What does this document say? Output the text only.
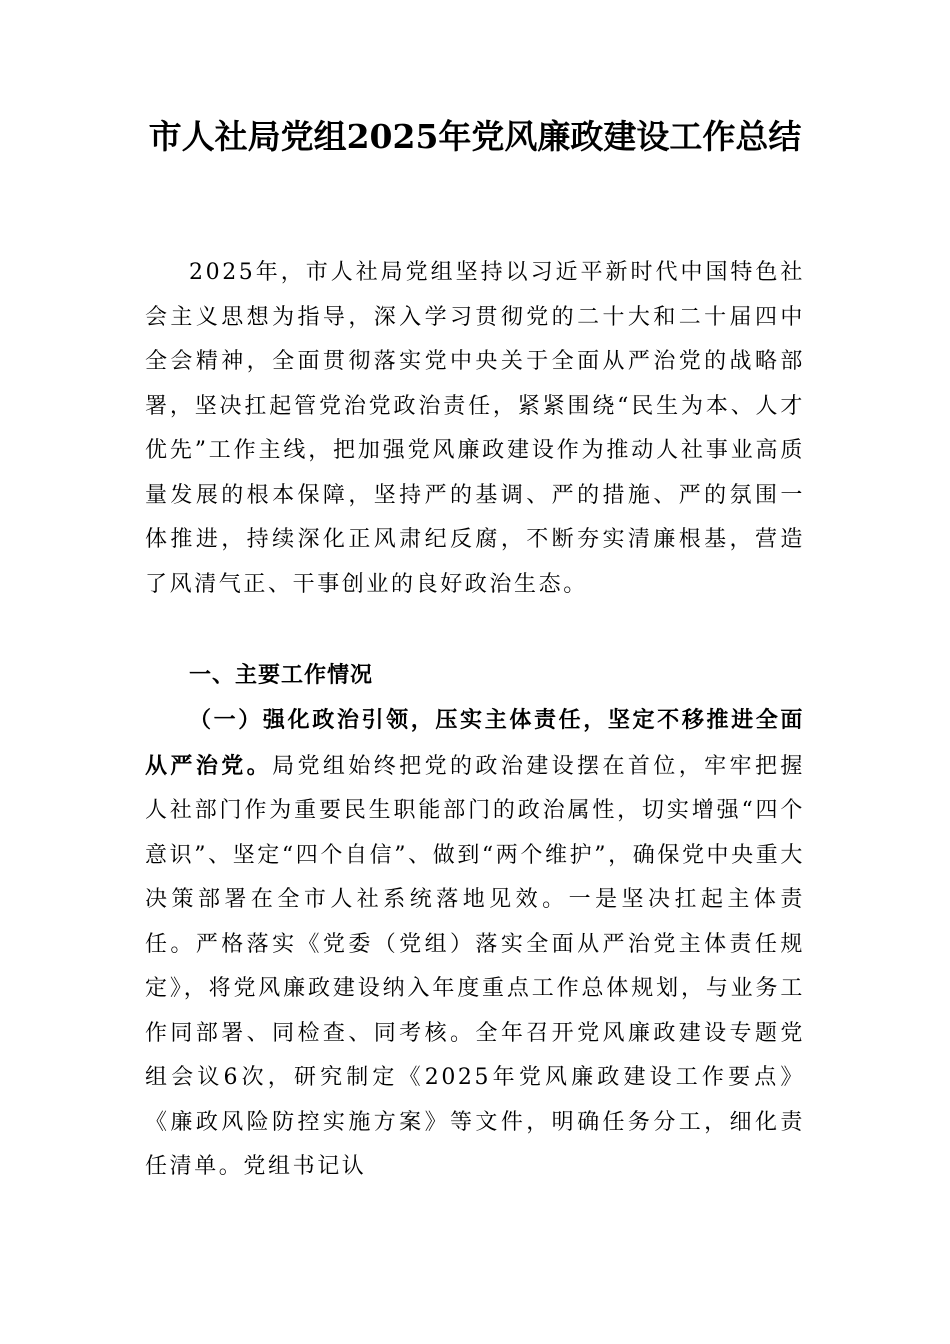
市人社局党组2025年党风廉政建设工作总结

2025年，市人社局党组坚持以习近平新时代中国特色社会主义思想为指导，深入学习贯彻党的二十大和二十届四中全会精神，全面贯彻落实党中央关于全面从严治党的战略部署，坚决扛起管党治党政治责任，紧紧围绕“民生为本、人才优先”工作主线，把加强党风廉政建设作为推动人社事业高质量发展的根本保障，坚持严的基调、严的措施、严的氛围一体推进，持续深化正风肃纪反腐，不断夯实清廉根基，营造了风清气正、干事创业的良好政治生态。

一、主要工作情况

（一）强化政治引领，压实主体责任，坚定不移推进全面从严治党。局党组始终把党的政治建设摆在首位，牢牢把握人社部门作为重要民生职能部门的政治属性，切实增强“四个意识”、坚定“四个自信”、做到“两个维护”，确保党中央重大决策部署在全市人社系统落地见效。一是坚决扛起主体责任。严格落实《党委（党组）落实全面从严治党主体责任规定》，将党风廉政建设纳入年度重点工作总体规划，与业务工作同部署、同检查、同考核。全年召开党风廉政建设专题党组会议6次，研究制定《2025年党风廉政建设工作要点》《廉政风险防控实施方案》等文件，明确任务分工，细化责任清单。党组书记认
